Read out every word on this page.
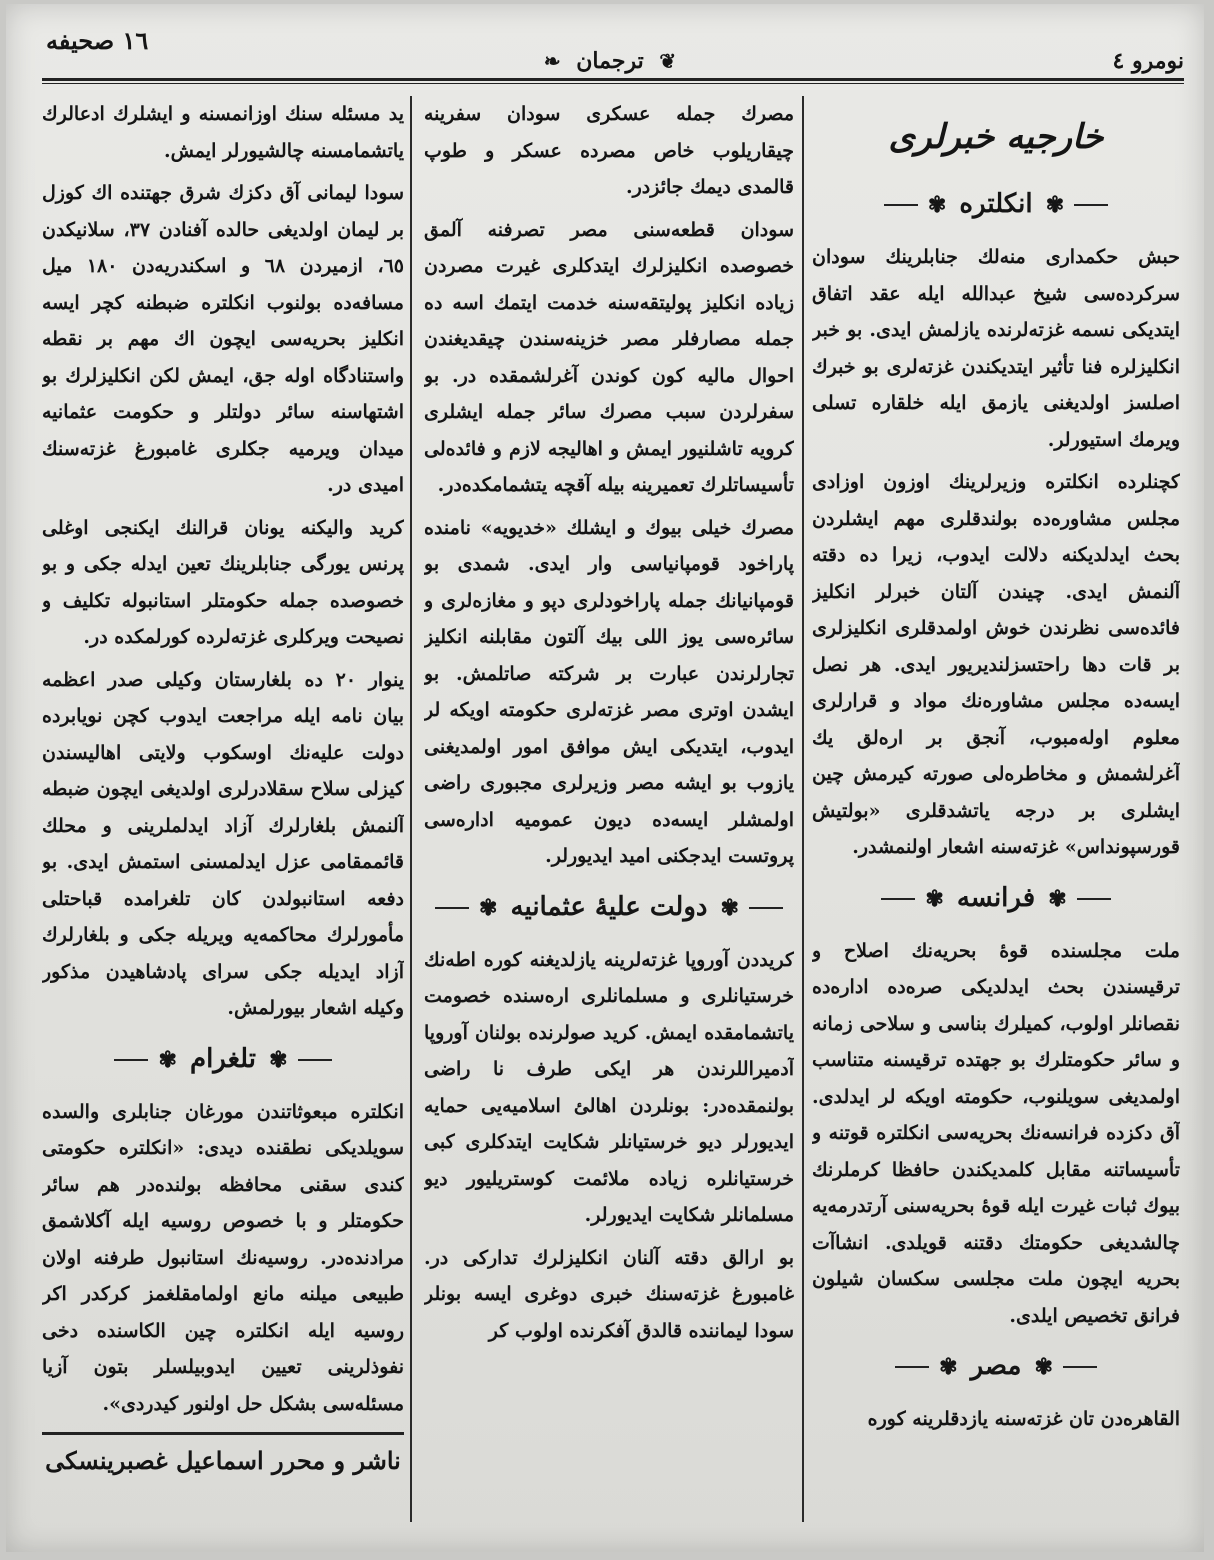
نومرو ٤
❦ ترجمان ❧
١٦ صحيفه
خارجيه خبرلرى
✾ انكلتره ✾

حبش حكمدارى منه‌لك جنابلرينك سودان سركرده‌سى شيخ عبدالله ايله عقد اتفاق ايتديكى نسمه غزته‌لرنده يازلمش ايدى. بو خبر انكليزلره فنا تأثير ايتديكندن غزته‌لرى بو خبرك اصلسز اولديغنى يازمق ايله خلقاره تسلى ويرمك استيورلر.

كچنلرده انكلتره وزيرلرينك اوزون اوزادى مجلس مشاوره‌ده بولندقلرى مهم ايشلردن بحث ايدلديكنه دلالت ايدوب، زيرا ده دقته آلنمش ايدى. چيندن آلتان خبرلر انكليز فائده‌سى نظرندن خوش اولمدقلرى انكليزلرى بر قات دها راحتسزلنديريور ايدى. هر نصل ايسه‌ده مجلس مشاوره‌نك مواد و قرارلرى معلوم اوله‌مبوب، آنجق بر اره‌لق يك آغرلشمش و مخاطره‌لى صورته كيرمش چين ايشلرى بر درجه ياتشدقلرى «بولتيش قورسپونداس» غزته‌سنه اشعار اولنمشدر.

✾ فرانسه ✾

ملت مجلسنده قوۀ بحريه‌نك اصلاح و ترقيسندن بحث ايدلديكى صره‌ده اداره‌ده نقصانلر اولوب، كميلرك بناسى و سلاحى زمانه و سائر حكومتلرك بو جهتده ترقيسنه متناسب اولمديغى سويلنوب، حكومته اويكه لر ايدلدى. آق دكزده فرانسه‌نك بحريه‌سى انكلتره قوتنه و تأسيساتنه مقابل كلمديكندن حافظا كرملرنك بيوك ثبات غيرت ايله قوۀ بحريه‌سنى آرتدرمه‌يه چالشديغى حكومتك دقتنه قويلدى. انشاآت بحريه ايچون ملت مجلسى سكسان شيلون فرانق تخصيص ايلدى.

✾ مصر ✾

القاهره‌دن تان غزته‌سنه يازدقلرينه كوره

مصرك جمله عسكرى سودان سفرينه چيقاريلوب خاص مصرده عسكر و طوپ قالمدى ديمك جائزدر.

سودان قطعه‌سنى مصر تصرفنه آلمق خصوصده انكليزلرك ايتدكلرى غيرت مصردن زياده انكليز پوليتقه‌سنه خدمت ايتمك اسه ده جمله مصارفلر مصر خزينه‌سندن چيقديغندن احوال ماليه كون كوندن آغرلشمقده در. بو سفرلردن سبب مصرك سائر جمله ايشلرى كرويه تاشلنيور ايمش و اهاليجه لازم و فائده‌لى تأسيساتلرك تعميرينه بيله آقچه يتشمامكده‌در.

مصرك خيلى بيوك و ايشلك «خديويه» نامنده پاراخود قومپانياسى وار ايدى. شمدى بو قومپانيانك جمله پاراخودلرى دپو و مغازه‌لرى و سائره‌سى يوز اللى بيك آلتون مقابلنه انكليز تجارلرندن عبارت بر شركته صاتلمش. بو ايشدن اوترى مصر غزته‌لرى حكومته اويكه لر ايدوب، ايتديكى ايش موافق امور اولمديغنى يازوب بو ايشه مصر وزيرلرى مجبورى راضى اولمشلر ايسه‌ده ديون عموميه اداره‌سى پروتست ايدجكنى اميد ايديورلر.

✾ دولت عليۀ عثمانيه ✾

كريددن آوروپا غزته‌لرينه يازلديغنه كوره اطه‌نك خرستيانلرى و مسلمانلرى اره‌سنده خصومت ياتشمامقده ايمش. كريد صولرنده بولنان آوروپا آدميراللرندن هر ايكى طرف نا راضى بولنمقده‌در: بونلردن اهالئ اسلاميه‌يى حمايه ايديورلر ديو خرستيانلر شكايت ايتدكلرى كبى خرستيانلره زياده ملائمت كوستريليور ديو مسلمانلر شكايت ايديورلر.

بو ارالق دقته آلنان انكليزلرك تداركى در. غامبورغ غزته‌سنك خبرى دوغرى ايسه بونلر سودا ليماننده قالدق آفكرنده اولوب كر

يد مسئله سنك اوزانمسنه و ايشلرك ادعالرك ياتشمامسنه چالشيورلر ايمش.

سودا ليمانى آق دكزك شرق جهتنده اك كوزل بر ليمان اولديغى حالده آفنادن ٣٧، سلانيكدن ٦٥، ازميردن ٦٨ و اسكندريه‌دن ١٨٠ ميل مسافه‌ده بولنوب انكلتره ضبطنه كچر ايسه انكليز بحريه‌سى ايچون اك مهم بر نقطه واستنادگاه اوله جق، ايمش لكن انكليزلرك بو اشتهاسنه سائر دولتلر و حكومت عثمانيه ميدان ويرميه جكلرى غامبورغ غزته‌سنك اميدى در.

كريد واليكنه يونان قرالنك ايكنجى اوغلى پرنس يورگى جنابلرينك تعين ايدله جكى و بو خصوصده جمله حكومتلر استانبوله تكليف و نصيحت ويركلرى غزته‌لرده كورلمكده در.

ينوار ٢٠ ده بلغارستان وكيلى صدر اعظمه بيان نامه ايله مراجعت ايدوب كچن نويابرده دولت عليه‌نك اوسكوب ولايتى اهاليسندن كيزلى سلاح سقلادرلرى اولديغى ايچون ضبطه آلنمش بلغارلرك آزاد ايدلملرينى و محلك قائممقامى عزل ايدلمسنى استمش ايدى. بو دفعه استانبولدن كان تلغرامده قباحتلى مأمورلرك محاكمه‌يه ويريله جكى و بلغارلرك آزاد ايديله جكى سراى پادشاهيدن مذكور وكيله اشعار بيورلمش.

✾ تلغرام ✾

انكلتره مبعوثاتندن مورغان جنابلرى والسده سويلديكى نطقنده ديدى: «انكلتره حكومتى كندى سقنى محافظه بولنده‌در هم سائر حكومتلر و با خصوص روسيه ايله آكلاشمق مرادنده‌در. روسيه‌نك استانبول طرفنه اولان طبيعى ميلنه مانع اولمامقلغمز كركدر اكر روسيه ايله انكلتره چين الكاسنده دخى نفوذلرينى تعيين ايدوبيلسلر بتون آزيا مسئله‌سى بشكل حل اولنور كيدردى».

ناشر و محرر اسماعيل غصبرينسكى
